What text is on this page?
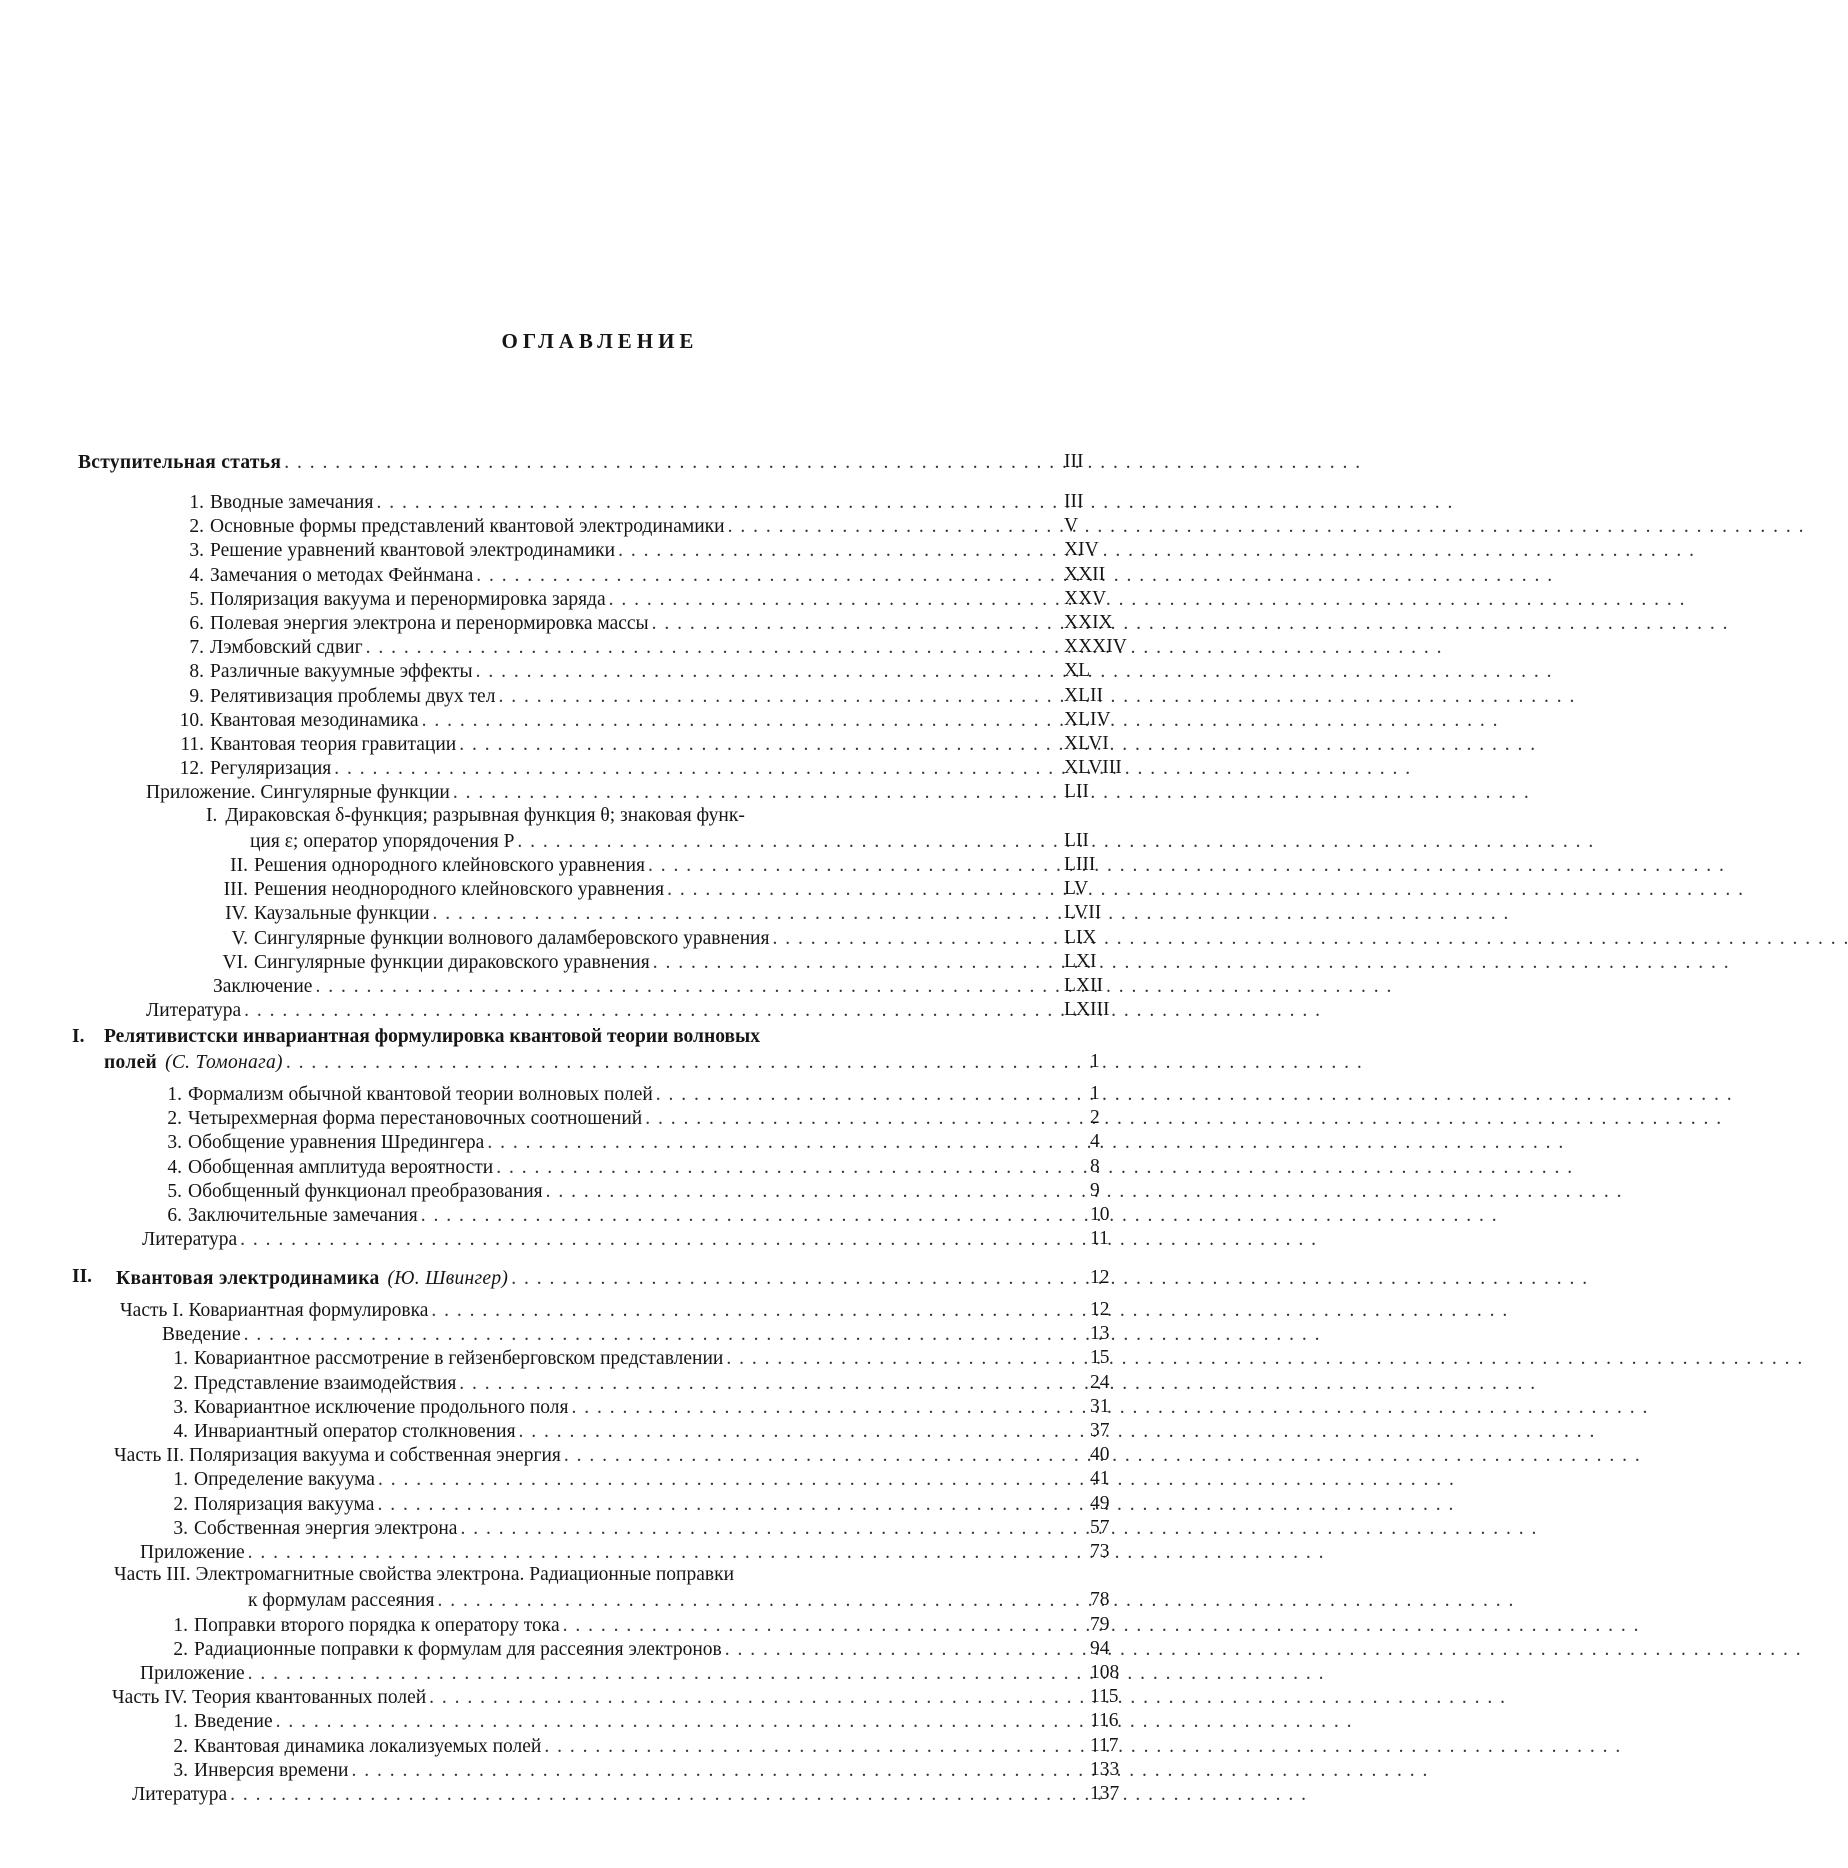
ОГЛАВЛЕНИЕ
Вступительная статья . . .	III
1. Вводные замечания . . .	III
2. Основные формы представлений квантовой электродинамики . . .	V
3. Решение уравнений квантовой электродинамики . . .	XIV
4. Замечания о методах Фейнмана . . .	XXII
5. Поляризация вакуума и перенормировка заряда . . .	XXV
6. Полевая энергия электрона и перенормировка массы . . .	XXIX
7. Лэмбовский сдвиг . . .	XXXIV
8. Различные вакуумные эффекты . . .	XL
9. Релятивизация проблемы двух тел . . .	XLII
10. Квантовая мезодинамика . . .	XLIV
11. Квантовая теория гравитации . . .	XLVI
12. Регуляризация . . .	XLVIII
Приложение. Сингулярные функции . . .	LII
I. Дираковская δ-функция; разрывная функция θ; знаковая функ-
ция ε; оператор упорядочения P . . .	LII
II. Решения однородного клейновского уравнения . . .	LIII
III. Решения неоднородного клейновского уравнения . . .	LV
IV. Каузальные функции . . .	LVII
V. Сингулярные функции волнового даламберовского уравнения . . .	LIX
VI. Сингулярные функции дираковского уравнения . . .	LXI
Заключение . . .	LXII
Литература . . .	LXIII
I. Релятивистски инвариантная формулировка квантовой теории волновых
полей (С. Томонага) . . .	1
1. Формализм обычной квантовой теории волновых полей . . .	1
2. Четырехмерная форма перестановочных соотношений . . .	2
3. Обобщение уравнения Шредингера . . .	4
4. Обобщенная амплитуда вероятности . . .	8
5. Обобщенный функционал преобразования . . .	9
6. Заключительные замечания . . .	10
Литература . . .	11
II. Квантовая электродинамика (Ю. Швингер) . . .	12
Часть I. Ковариантная формулировка . . .	12
Введение . . .	13
1. Ковариантное рассмотрение в гейзенберговском представлении . . .	15
2. Представление взаимодействия . . .	24
3. Ковариантное исключение продольного поля . . .	31
4. Инвариантный оператор столкновения . . .	37
Часть II. Поляризация вакуума и собственная энергия . . .	40
1. Определение вакуума . . .	41
2. Поляризация вакуума . . .	49
3. Собственная энергия электрона . . .	57
Приложение . . .	73
Часть III. Электромагнитные свойства электрона. Радиационные поправки
к формулам рассеяния . . .	78
1. Поправки второго порядка к оператору тока . . .	79
2. Радиационные поправки к формулам для рассеяния электронов . . .	94
Приложение . . .	108
Часть IV. Теория квантованных полей . . .	115
1. Введение . . .	116
2. Квантовая динамика локализуемых полей . . .	117
3. Инверсия времени . . .	133
Литература . . .	137
